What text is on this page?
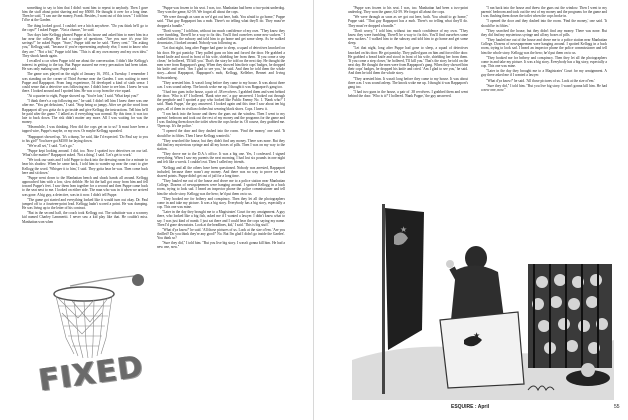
something to say to him that I didn't want him to repeat to anybody. Then I gave him the stuff about point shaving and my $5000. He thought it over for a long time. Then he said, "I can use the money, Frank. Besides, I want out of this town." I told him I'd be at the Garden.

The thing looked good. I couldn't see a hitch anywhere. "Do you think he'll go to the cops?" I asked Puppe. "Not a chance," he said.

Two days later Kellogg phoned Puppe at his house and asked him to meet him in a bar near the college. He had a couple of questions. "Are you sure it's your life savings?" he asked Puppe. "Sure," Puppe told me he said. "Every cent." "I'm asking you," Kellogg said, "because if you're representing anybody else, I want to know who they are." "Not a bit," Puppe told him. "This is all my own money and my own idea." They shook hands again.

I recalled a car when Puppe told me about the conversation. I didn't like Kellogg's interest in getting to the top. But Puppe assured me every precaution had been taken. He was only making sure, Puppe said.

The game was played on the night of January 16, 1951, a Tuesday. I remember I was standing on the corner of Third Avenue near the Garden. I was waiting to meet Puppe and Rappaport. From long experience, I'd developed a kind of sixth sense. I could sense that a detective was following me. I didn't have to see him. I knew he was there. I looked around and I spotted him. He was a cop from the vice squad.

"At a quarter to eight, Puppe showed up. 'You're late,' I said. 'What kept you?'

"I think there's a cop following me," he said. I didn't tell him I knew there was one after me. "You get delusions," I said. "Stop being so jumpy. After we get the word from Rappaport all you gotta do is go inside and give Kellogg the instructions. Tell him he'll be paid after the game." I talked as if everything was normal. By this time, it was too late to back down. The risk didn't matter any more. All I was waiting for was the money.

"Meanwhile, I was thinking. How did the cops get on to us? It must have been a tapped wire, Puppe's maybe, or my own. Or maybe Kellogg squealed.

"Rappaport showed up. 'It's a dump,' he said, like I'd expected. 'Do Paul say to you to his girl?' You have got $4500 for laying down.

"We're all set," I said. "Let's go."

"Puppe kept looking around. I did, too. Now I spotted two detectives on our tail. 'What's the matter?' Rappaport asked. 'Not a thing,' I said. 'Let's get to work.'

"We took our seats and I told Puppe to duck into the dressing room for a minute to hear his shadow. When he came back, I told him to wander up near the court to give Kellogg the word. 'Whisper it to him,' I said. They gotta hear he was. Then come back here and sit down.'

"Puppe went down to the Manhattan bench and shook hands all around. Kellogg approached him with a low, slow dribble. He hit the ball got away from him and fell toward Puppe's feet. I saw them lean together for a second and then Puppe came back to the seat next to me. I looked on either side. The man who was in it when we arrived was gone. A big guy, a detective, was in it now. I didn't tell Puppe.

"The game got started and everything looked like it would turn out okay. Dr. Paul jumped off to a fourteen-point lead. Kellogg hadn't scored a point. He was dumping. He was living up to the letter of his contract.

"But in the second half, the coach took Kellogg out. The substitute was a scrawny kid named Charley Lammertti. I never saw a kid play like that. He couldn't miss. Manhattan won when

"Puppe was frozen to his seat. I was, too. Manhattan had been a two-point underdog. They won the game, 62-59. We forgot all about the cops.

"We were through as soon as we'd got out here, both. You afraid to go home," Puppe said. "That guy Rappaport has a mob. There's no telling what they'll do. They must've dropped a bundle."

"Don't worry," I told him, without too much confidence of my own. "They know they were fumbling. There'll be a way to fix this. You'll find ourselves some new suckers." I walked him to the subway and told him to go home and get some sleep. As he walked downstairs, I looked around. Nobody was following us.

"Let that night, long after Puppe had gone to sleep, a squad of detectives knocked on his door. He got panicky. They pulled guns on him and forced the door. He grabbed a bread knife and stood in front of his wife, shielding her from them. 'If you come a step closer,' he hollered, 'I'll kill you.' That's the story he told on the next day. He thought the men were from Rappaport's gang. When they showed him their cops' badges, he dropped his knife and cried. 'Am I glad to see you,' he said. And then he told them the whole story—about Rappaport, Rappaport's mob, Kellogg, Kelleher, Bennet and Irving Schwartzberg.

"They arrested him. It wasn't long before they came to my house. It was about three a.m. I was sound asleep. The knock woke me up. I thought it was Rappaport's gang too.

"I had two guns in the house, a pair of .38 revolvers. I grabbed them and went behind the door. 'Who is it?' I hollered. 'Bank wire me,' a guy answered. I looked out through the peephole and I spotted a guy who looked like Public Enemy No. 1. 'Bank who?' I said. 'Bank Puppe,' the guy answered. I looked again and this time I saw about ten big guys, all of them in civilian clothes but wearing black shoes. Cops. I knew it.

"I ran back into the house and threw the guns out the window. Then I went to my parents' bedroom and took out the rest of my money and the programs for the game and I was flushing them down the toilet when the cops broke in. Of course, they grabbed me. 'Open up. It's the police.'

"I opened the door and they dashed into the room. 'Find the money,' one said. 'It should be in fifties. Then I have Kellogg wanted it.'

"They searched the house, but they didn't find any money. There was none. But they did find my mysterious syringe and all my boxes of pills. Then I was on my way to the station.

"They drove me to the D.A.'s office. It was a big one. Yes, I confessed. I signed everything. When I saw my parents the next morning, I had lost six pounds in one night and felt like a wreck. I couldn't eat. Then I called my friends.

"Kellogg and all the others have been questioned. Nobody was arrested, Rappaport included, because there wasn't any money. And there was no way to prove we had shaved points. Puppe didn't get out of jail for a long time.

"They hauled me out of the house and drove me to a police station near Manhattan College. Dozens of newspapermen were hanging around. I spotted Kellogg in a back room, trying to look sad. I heard an inspector phone the police commissioner and tell him the whole story. Kellogg was the hero; he'd put them on to us.

"They booked me for bribery and conspiracy. Then they let all the photographers come in and take my picture. It was a big story. Everybody has a big story, especially a cop. This one was mine.

"Later in the day they brought me to a Magistrates' Court for my arraignment. A guy there, who looked like a big fish, asked me if I wanted a lawyer. I didn't know what to say. I was just kind of numb. I just sat there and I could hear the cops saying my name. Then I'd gone downstairs. Look at the headlines, kid,' I said. 'This is big stuff.'

"What d'ya know?' he said. 'All those pictures of us. Look at the size of'em. 'Are you thrilled? Do you think they're any good?' No. But I'm glad I didn't go inside the Garden'. You think so?

"Sure they did," I told him. "But you live big story. I wasn't gonna kill him. He had a new one, now."

FIXED

"Puppe was frozen to his seat. I was, too. Manhattan had been a two-point underdog. They won the game, 62-59. We forgot all about the cops.

"We were through as soon as we got out here, both. You afraid to go home," Puppe said. "That guy Rappaport has a mob. There's no telling what they'll do. They must've dropped a bundle."

"Don't worry," I told him, without too much confidence of my own. "They know they were fumbling. There'll be a way to fix this. You'll find ourselves some new suckers." I walked him to the subway and told him to go home and get some sleep.

"Let that night, long after Puppe had gone to sleep, a squad of detectives knocked on his door. He got panicky. They pulled guns on him and forced the door. He grabbed a bread knife and stood in front of his wife, shielding her from them. 'If you come a step closer,' he hollered, 'I'll kill you.' That's the story he told on the next day. He thought the men were from Rappaport's gang. When they showed him their cops' badges, he dropped his knife and cried. 'Am I glad to see you,' he said. And then he told them the whole story.

"They arrested him. It wasn't long before they came to my house. It was about three a.m. I was sound asleep. The knock woke me up. I thought it was Rappaport's gang too.

"I had two guns in the house, a pair of .38 revolvers. I grabbed them and went behind the door. 'Who is it?' I hollered. 'Bank Puppe,' the guy answered.

"I ran back into the house and threw the guns out the window. Then I went to my parents' bedroom and took out the rest of my money and the programs for the game and I was flushing them down the toilet when the cops broke in.

"I opened the door and they dashed into the room. 'Find the money,' one said. 'It should be in fifties.'

"They searched the house, but they didn't find any money. There was none. But they did find my mysterious syringe and all my boxes of pills.

"They hauled me out of the house and drove me to a police station near Manhattan College. Dozens of newspapermen were hanging around. I spotted Kellogg in a back room, trying to look sad. I heard an inspector phone the police commissioner and tell him the whole story. Kellogg was the hero; he'd put them on to us.

"They booked me for bribery and conspiracy. Then they let all the photographers come in and take my picture. It was a big story. Everybody has a big story, especially a cop. This one was mine.

"Later in the day they brought me to a Magistrates' Court for my arraignment. A guy there asked me if I wanted a lawyer.

"What d'ya know?' he said. 'All those pictures of us. Look at the size of'em.'

"Sure they did," I told him. "But you live big story. I wasn't gonna kill him. He had a new one, now."

★
★
ESQUIRE : April	55
